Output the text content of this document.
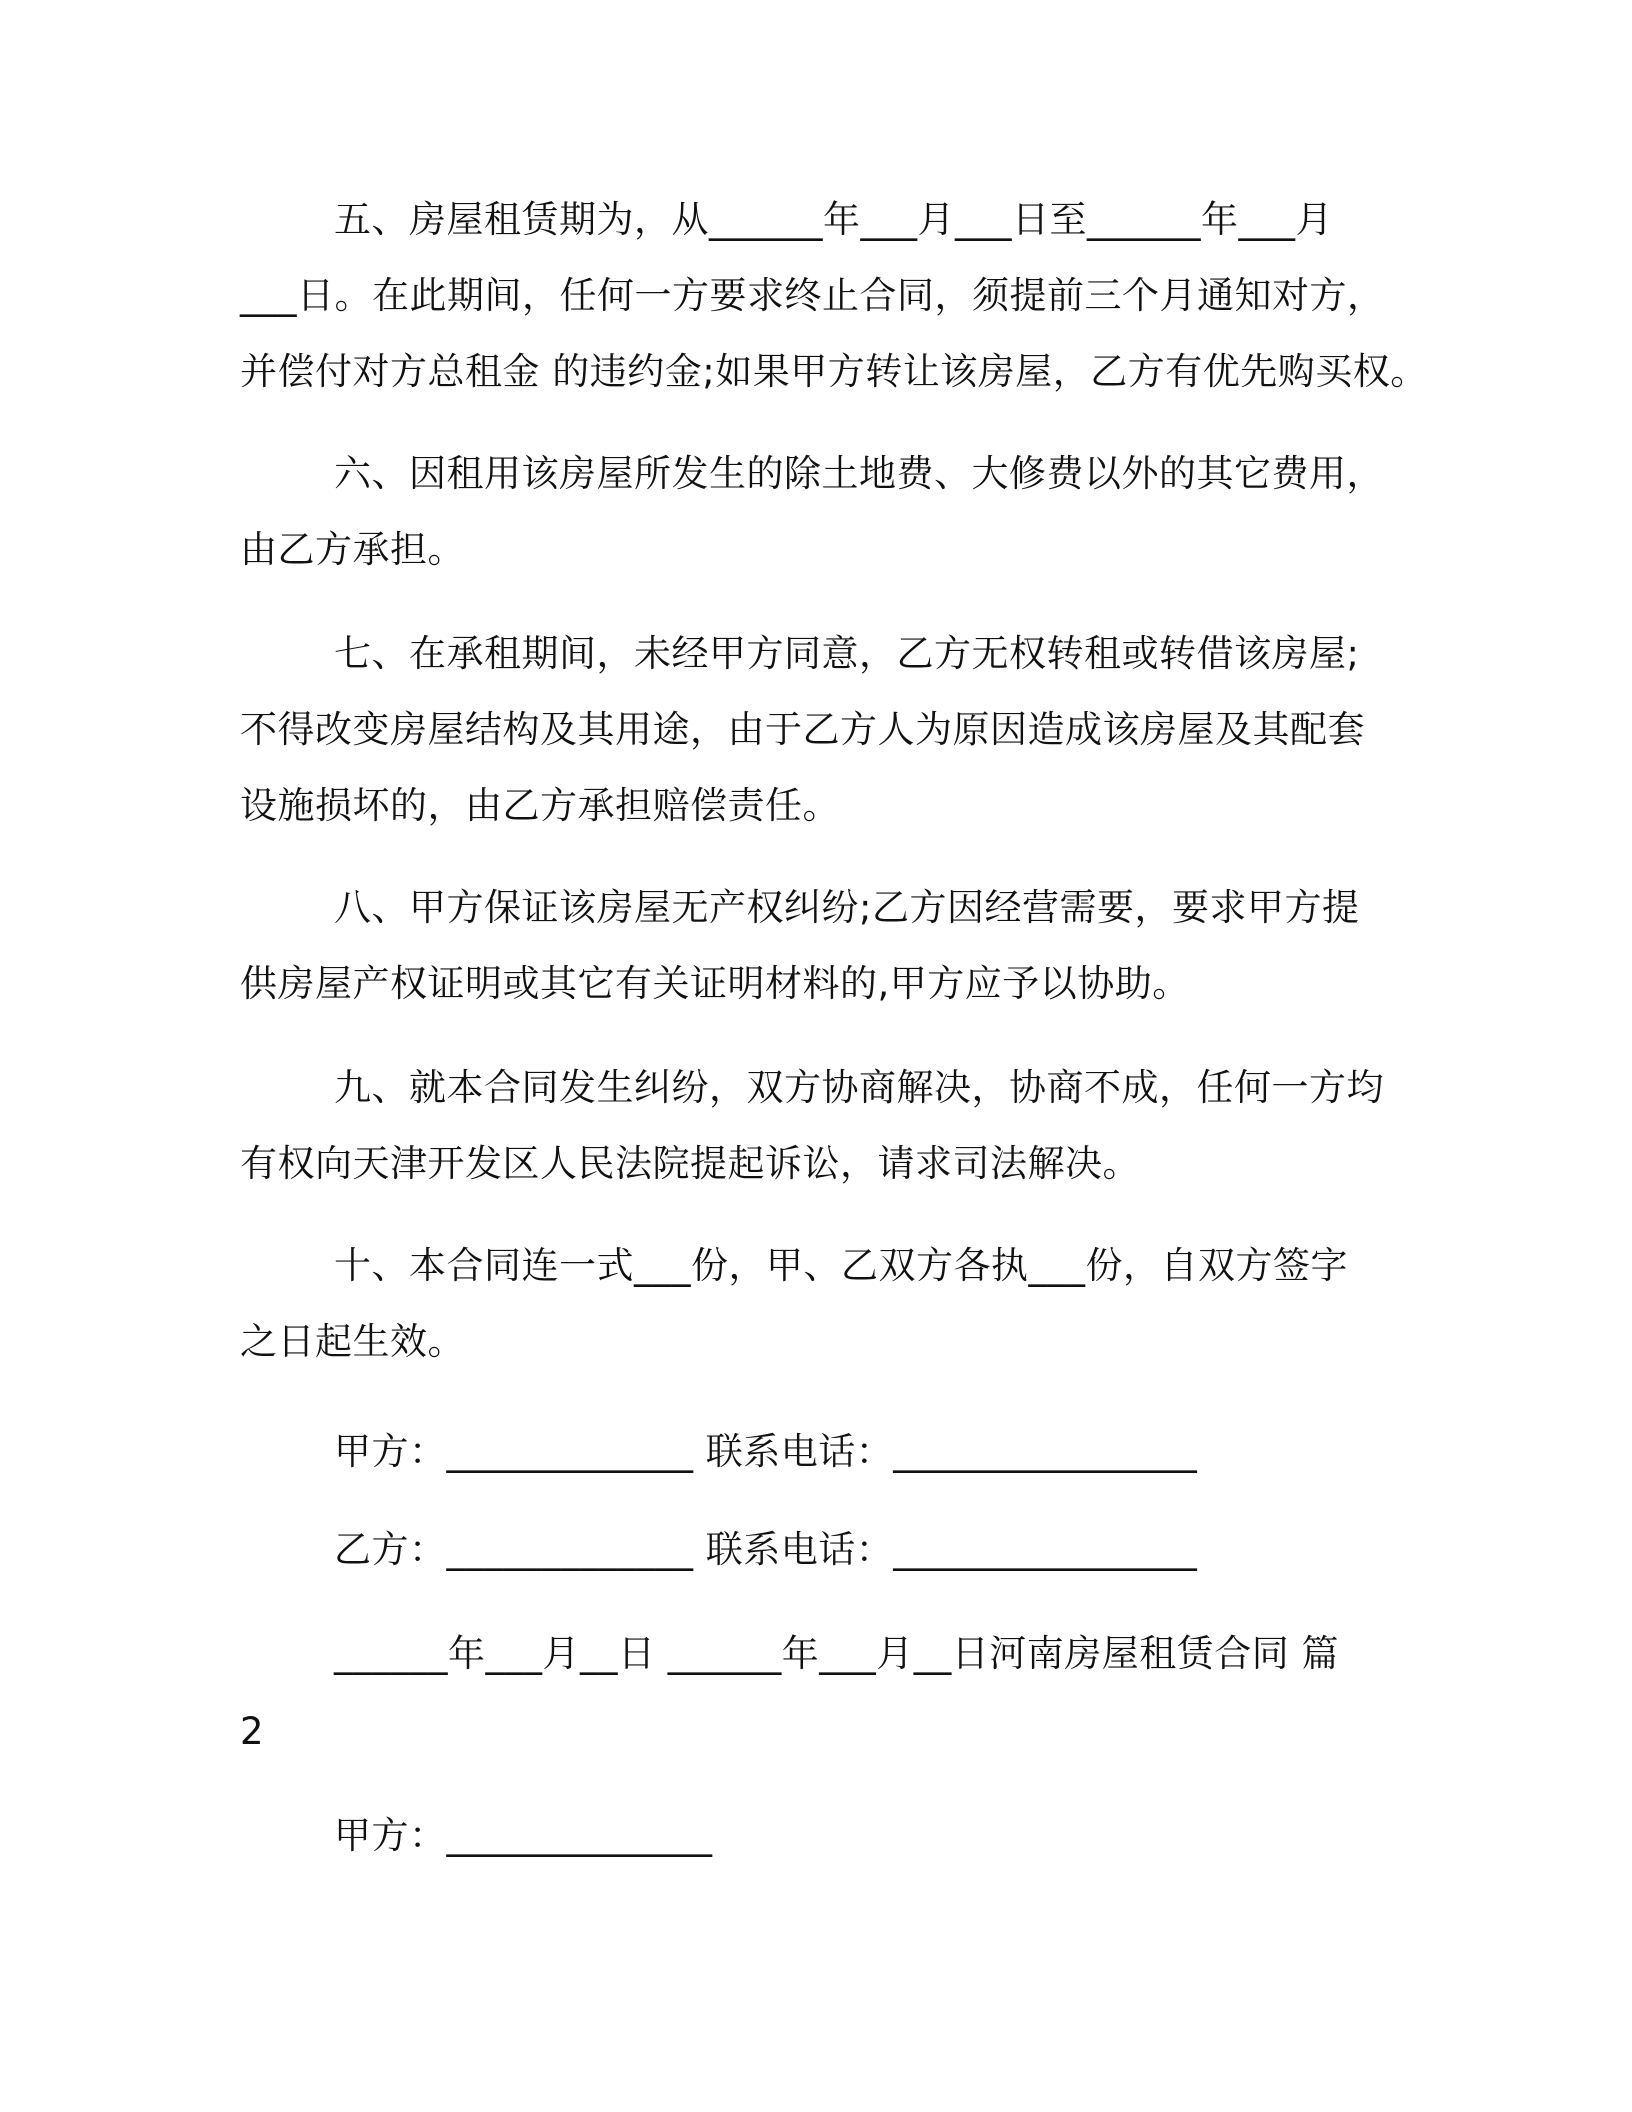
五、房屋租赁期为，从______年___月___日至______年___月
___日。在此期间，任何一方要求终止合同，须提前三个月通知对方，
并偿付对方总租金 的违约金;如果甲方转让该房屋，乙方有优先购买权。
六、因租用该房屋所发生的除土地费、大修费以外的其它费用，
由乙方承担。
七、在承租期间，未经甲方同意，乙方无权转租或转借该房屋;
不得改变房屋结构及其用途，由于乙方人为原因造成该房屋及其配套
设施损坏的，由乙方承担赔偿责任。
八、甲方保证该房屋无产权纠纷;乙方因经营需要，要求甲方提
供房屋产权证明或其它有关证明材料的,甲方应予以协助。
九、就本合同发生纠纷，双方协商解决，协商不成，任何一方均
有权向天津开发区人民法院提起诉讼，请求司法解决。
十、本合同连一式___份，甲、乙双方各执___份，自双方签字
之日起生效。
甲方：_____________ 联系电话：________________
乙方：_____________ 联系电话：________________
______年___月__日 ______年___月__日河南房屋租赁合同 篇
2
甲方：______________
